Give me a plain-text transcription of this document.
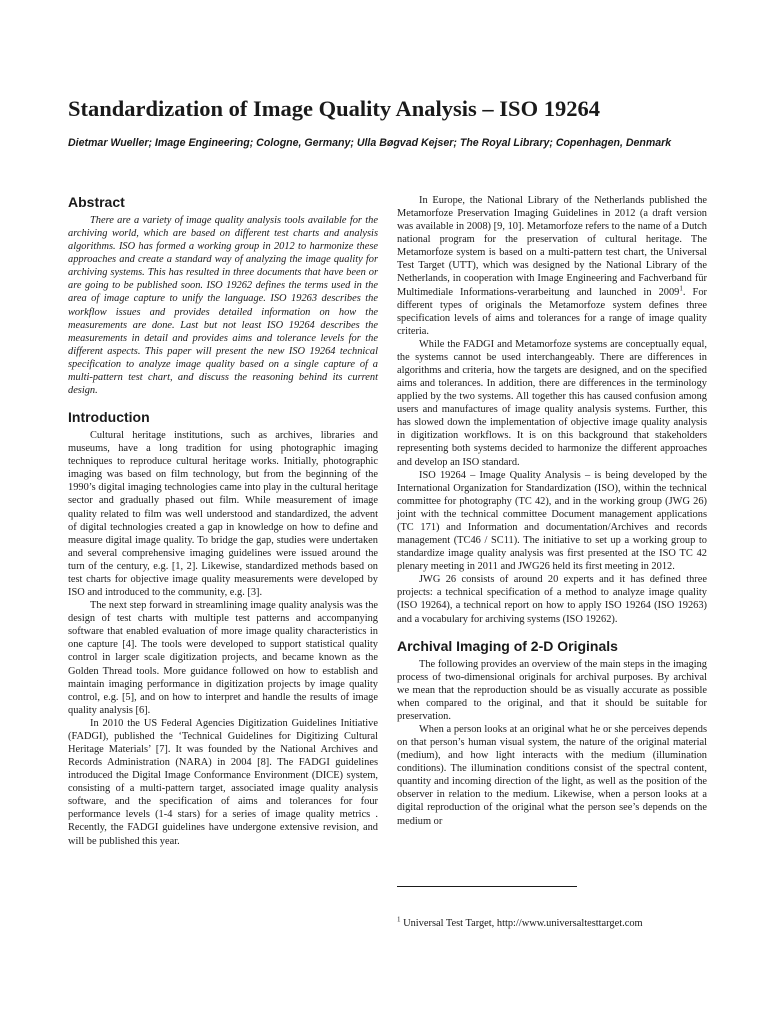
Standardization of Image Quality Analysis – ISO 19264
Dietmar Wueller; Image Engineering; Cologne, Germany; Ulla Bøgvad Kejser; The Royal Library; Copenhagen, Denmark
Abstract

There are a variety of image quality analysis tools available for the archiving world, which are based on different test charts and analysis algorithms. ISO has formed a working group in 2012 to harmonize these approaches and create a standard way of analyzing the image quality for archiving systems. This has resulted in three documents that have been or are going to be published soon. ISO 19262 defines the terms used in the area of image capture to unify the language. ISO 19263 describes the workflow issues and provides detailed information on how the measurements are done. Last but not least ISO 19264 describes the measurements in detail and provides aims and tolerance levels for the different aspects. This paper will present the new ISO 19264 technical specification to analyze image quality based on a single capture of a multi-pattern test chart, and discuss the reasoning behind its current design.

Introduction

Cultural heritage institutions, such as archives, libraries and museums, have a long tradition for using photographic imaging techniques to reproduce cultural heritage works. Initially, photographic imaging was based on film technology, but from the beginning of the 1990’s digital imaging technologies came into play in the cultural heritage sector and gradually phased out film. While measurement of image quality related to film was well understood and standardized, the advent of digital technologies created a gap in knowledge on how to define and measure digital image quality. To bridge the gap, studies were undertaken and several comprehensive imaging guidelines were issued around the turn of the century, e.g. [1, 2]. Likewise, standardized methods based on test charts for objective image quality measurements were developed by ISO and introduced to the community, e.g. [3].

The next step forward in streamlining image quality analysis was the design of test charts with multiple test patterns and accompanying software that enabled evaluation of more image quality characteristics in one capture [4]. The tools were developed to support statistical quality control in larger scale digitization projects, and became known as the Golden Thread tools. More guidance followed on how to establish and maintain imaging performance in digitization projects by image quality control, e.g. [5], and on how to interpret and handle the results of image quality analysis [6].

In 2010 the US Federal Agencies Digitization Guidelines Initiative (FADGI), published the ‘Technical Guidelines for Digitizing Cultural Heritage Materials’ [7]. It was founded by the National Archives and Records Administration (NARA) in 2004 [8]. The FADGI guidelines introduced the Digital Image Conformance Environment (DICE) system, consisting of a multi-pattern target, associated image quality analysis software, and the specification of aims and tolerances for four performance levels (1-4 stars) for a series of image quality metrics . Recently, the FADGI guidelines have undergone extensive revision, and will be published this year.

In Europe, the National Library of the Netherlands published the Metamorfoze Preservation Imaging Guidelines in 2012 (a draft version was available in 2008) [9, 10]. Metamorfoze refers to the name of a Dutch national program for the preservation of cultural heritage. The Metamorfoze system is based on a multi-pattern test chart, the Universal Test Target (UTT), which was designed by the National Library of the Netherlands, in cooperation with Image Engineering and Fachverband für Multimediale Informations-verarbeitung and launched in 2009$^1$. For different types of originals the Metamorfoze system defines three specification levels of aims and tolerances for a range of image quality criteria.

While the FADGI and Metamorfoze systems are conceptually equal, the systems cannot be used interchangeably. There are differences in algorithms and criteria, how the targets are designed, and on the specified aims and tolerances. In addition, there are differences in the terminology applied by the two systems. All together this has caused confusion among users and manufactures of image quality analysis systems. Further, this has slowed down the implementation of objective image quality analysis in digitization workflows. It is on this background that stakeholders representing both systems decided to harmonize the different approaches and develop an ISO standard.

ISO 19264 – Image Quality Analysis – is being developed by the International Organization for Standardization (ISO), within the technical committee for photography (TC 42), and in the working group (JWG 26) joint with the technical committee Document management applications (TC 171) and Information and documentation/Archives and records management (TC46 / SC11). The initiative to set up a working group to standardize image quality analysis was first presented at the ISO TC 42 plenary meeting in 2011 and JWG26 held its first meeting in 2012.

JWG 26 consists of around 20 experts and it has defined three projects: a technical specification of a method to analyze image quality (ISO 19264), a technical report on how to apply ISO 19264 (ISO 19263) and a vocabulary for archiving systems (ISO 19262).

Archival Imaging of 2-D Originals

The following provides an overview of the main steps in the imaging process of two-dimensional originals for archival purposes. By archival we mean that the reproduction should be as visually accurate as possible when compared to the original, and that it should be suitable for preservation.

When a person looks at an original what he or she perceives depends on that person’s human visual system, the nature of the original material (medium), and how light interacts with the medium (illumination conditions). The illumination conditions consist of the spectral content, quantity and incoming direction of the light, as well as the position of the observer in relation to the medium. Likewise, when a person looks at a digital reproduction of the original what the person see’s depends on the medium or

$^1$ Universal Test Target, http://www.universaltesttarget.com
